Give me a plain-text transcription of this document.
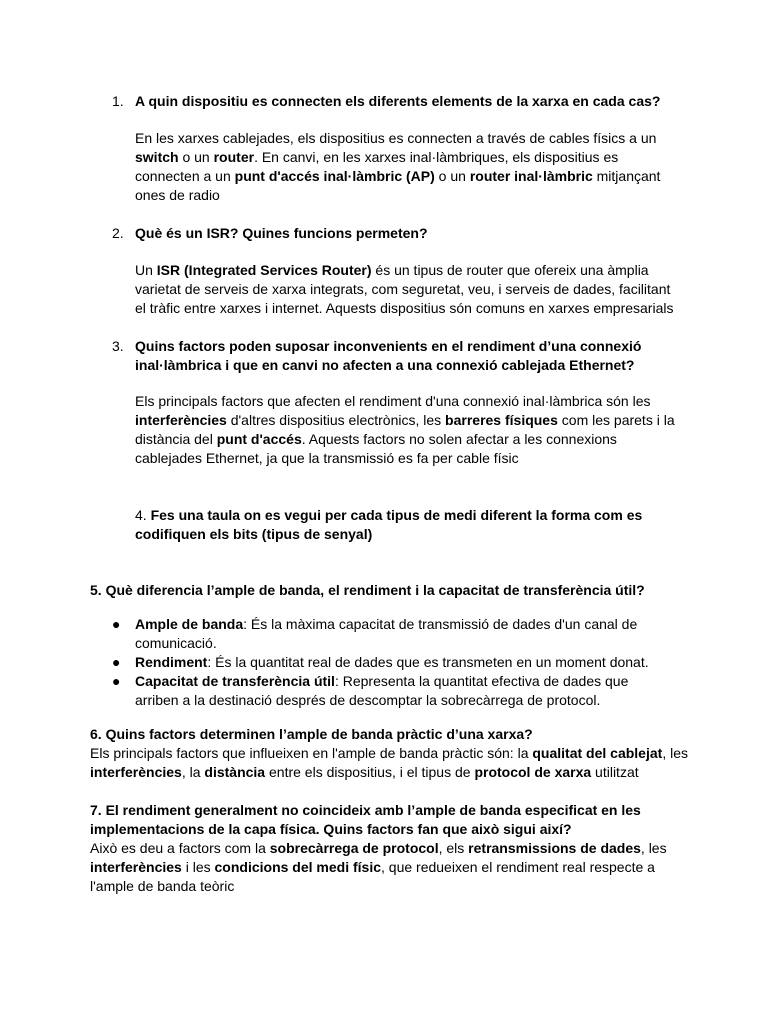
1. A quin dispositiu es connecten els diferents elements de la xarxa en cada cas?

En les xarxes cablejades, els dispositius es connecten a través de cables físics a un switch o un router. En canvi, en les xarxes inal·làmbriques, els dispositius es connecten a un punt d'accés inal·làmbric (AP) o un router inal·làmbric mitjançant ones de radio

2. Què és un ISR? Quines funcions permeten?

Un ISR (Integrated Services Router) és un tipus de router que ofereix una àmplia varietat de serveis de xarxa integrats, com seguretat, veu, i serveis de dades, facilitant el tràfic entre xarxes i internet. Aquests dispositius són comuns en xarxes empresarials

3. Quins factors poden suposar inconvenients en el rendiment d’una connexió
inal·làmbrica i que en canvi no afecten a una connexió cablejada Ethernet?

Els principals factors que afecten el rendiment d'una connexió inal·làmbrica són les interferències d'altres dispositius electrònics, les barreres físiques com les parets i la distància del punt d'accés. Aquests factors no solen afectar a les connexions cablejades Ethernet, ja que la transmissió es fa per cable físic

4. Fes una taula on es vegui per cada tipus de medi diferent la forma com es codifiquen els bits (tipus de senyal)

5. Què diferencia l’ample de banda, el rendiment i la capacitat de transferència útil?

● Ample de banda: És la màxima capacitat de transmissió de dades d'un canal de comunicació.
● Rendiment: És la quantitat real de dades que es transmeten en un moment donat.
● Capacitat de transferència útil: Representa la quantitat efectiva de dades que arriben a la destinació després de descomptar la sobrecàrrega de protocol.

6. Quins factors determinen l’ample de banda pràctic d’una xarxa?

Els principals factors que influeixen en l'ample de banda pràctic són: la qualitat del cablejat, les interferències, la distància entre els dispositius, i el tipus de protocol de xarxa utilitzat

7. El rendiment generalment no coincideix amb l’ample de banda especificat en les

implementacions de la capa física. Quins factors fan que això sigui així?

Això es deu a factors com la sobrecàrrega de protocol, els retransmissions de dades, les interferències i les condicions del medi físic, que redueixen el rendiment real respecte a l'ample de banda teòric
